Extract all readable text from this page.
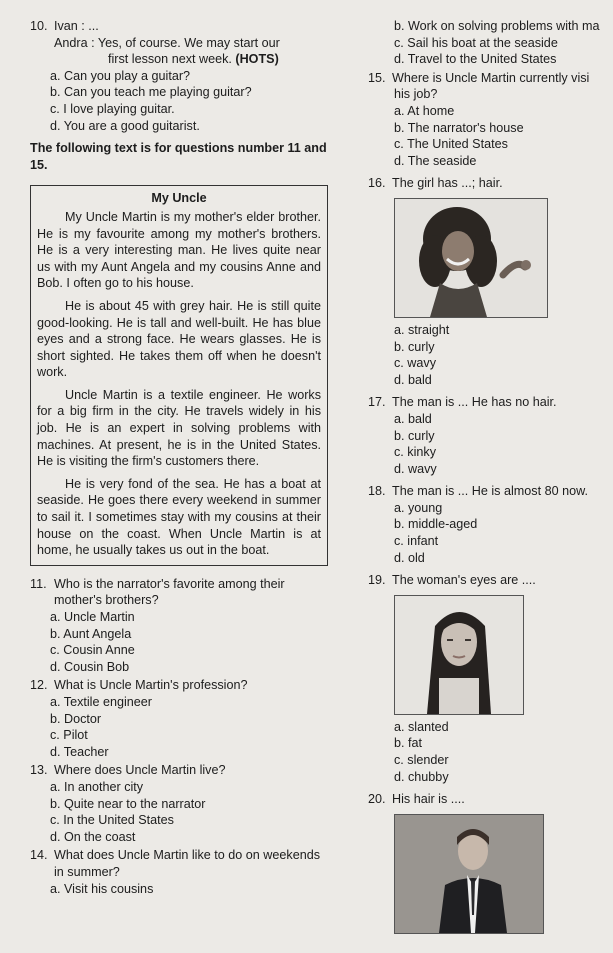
10. Ivan : ...
Andra : Yes, of course. We may start our
first lesson next week. (HOTS)
a. Can you play a guitar?
b. Can you teach me playing guitar?
c. I love playing guitar.
d. You are a good guitarist.
The following text is for questions number 11 and 15.
My Uncle

My Uncle Martin is my mother's elder brother. He is my favourite among my mother's brothers. He is a very interesting man. He lives quite near us with my Aunt Angela and my cousins Anne and Bob. I often go to his house.

He is about 45 with grey hair. He is still quite good-looking. He is tall and well-built. He has blue eyes and a strong face. He wears glasses. He is short sighted. He takes them off when he doesn't work.

Uncle Martin is a textile engineer. He works for a big firm in the city. He travels widely in his job. He is an expert in solving problems with machines. At present, he is in the United States. He is visiting the firm's customers there.

He is very fond of the sea. He has a boat at seaside. He goes there every weekend in summer to sail it. I sometimes stay with my cousins at their house on the coast. When Uncle Martin is at home, he usually takes us out in the boat.

11. Who is the narrator's favorite among their mother's brothers?
a. Uncle Martin
b. Aunt Angela
c. Cousin Anne
d. Cousin Bob
12. What is Uncle Martin's profession?
a. Textile engineer
b. Doctor
c. Pilot
d. Teacher
13. Where does Uncle Martin live?
a. In another city
b. Quite near to the narrator
c. In the United States
d. On the coast
14. What does Uncle Martin like to do on weekends in summer?
a. Visit his cousins
b. Work on solving problems with ma
c. Sail his boat at the seaside
d. Travel to the United States
15. Where is Uncle Martin currently visi
his job?
a. At home
b. The narrator's house
c. The United States
d. The seaside
16. The girl has ...; hair.
a. straight
b. curly
c. wavy
d. bald
17. The man is ... He has no hair.
a. bald
b. curly
c. kinky
d. wavy
18. The man is ... He is almost 80 now.
a. young
b. middle-aged
c. infant
d. old
19. The woman's eyes are ....
a. slanted
b. fat
c. slender
d. chubby
20. His hair is ....
